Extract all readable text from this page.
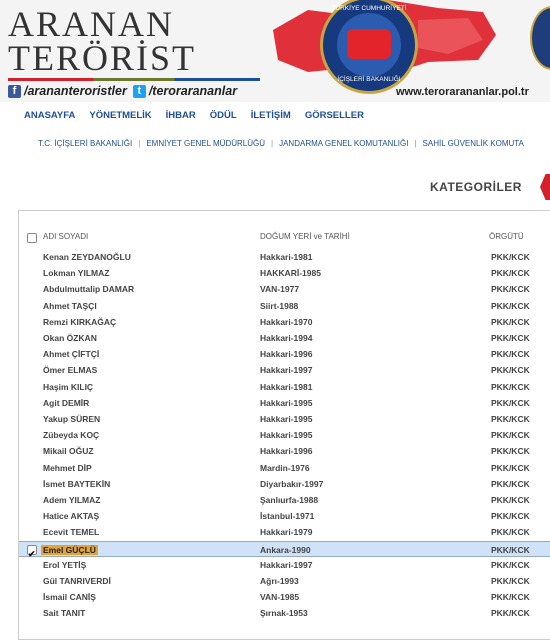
TÜRKİYE CUMHURİYETİ
İÇİŞLERİ BAKANLIĞI
ARANAN
TERÖRİST
f /arananteroristler t /terorarananlar	www.terorarananlar.pol.tr
ANASAYFA YÖNETMELİK İHBAR ÖDÜL İLETİŞİM GÖRSELLER
T.C. İÇİŞLERİ BAKANLIĞI | EMNİYET GENEL MÜDÜRLÜĞÜ | JANDARMA GENEL KOMUTANLIĞI | SAHİL GÜVENLİK KOMUTA
KATEGORİLER
ADI SOYADI	DOĞUM YERİ ve TARİHİ	ÖRGÜTÜ
Kenan ZEYDANOĞLU	Hakkari-1981	PKK/KCK
Lokman YILMAZ	HAKKARİ-1985	PKK/KCK
Abdulmuttalip DAMAR	VAN-1977	PKK/KCK
Ahmet TAŞÇI	Siirt-1988	PKK/KCK
Remzi KIRKAĞAÇ	Hakkari-1970	PKK/KCK
Okan ÖZKAN	Hakkari-1994	PKK/KCK
Ahmet ÇİFTÇİ	Hakkari-1996	PKK/KCK
Ömer ELMAS	Hakkari-1997	PKK/KCK
Haşim KILIÇ	Hakkari-1981	PKK/KCK
Agit DEMİR	Hakkari-1995	PKK/KCK
Yakup SÜREN	Hakkari-1995	PKK/KCK
Zübeyda KOÇ	Hakkari-1995	PKK/KCK
Mikail OĞUZ	Hakkari-1996	PKK/KCK
Mehmet DİP	Mardin-1976	PKK/KCK
İsmet BAYTEKİN	Diyarbakır-1997	PKK/KCK
Adem YILMAZ	Şanlıurfa-1988	PKK/KCK
Hatice AKTAŞ	İstanbul-1971	PKK/KCK
Ecevit TEMEL	Hakkari-1979	PKK/KCK
✔ Emel GÜÇLÜ	Ankara-1990	PKK/KCK
Erol YETİŞ	Hakkari-1997	PKK/KCK
Gül TANRIVERDİ	Ağrı-1993	PKK/KCK
İsmail CANİŞ	VAN-1985	PKK/KCK
Sait TANIT	Şırnak-1953	PKK/KCK
